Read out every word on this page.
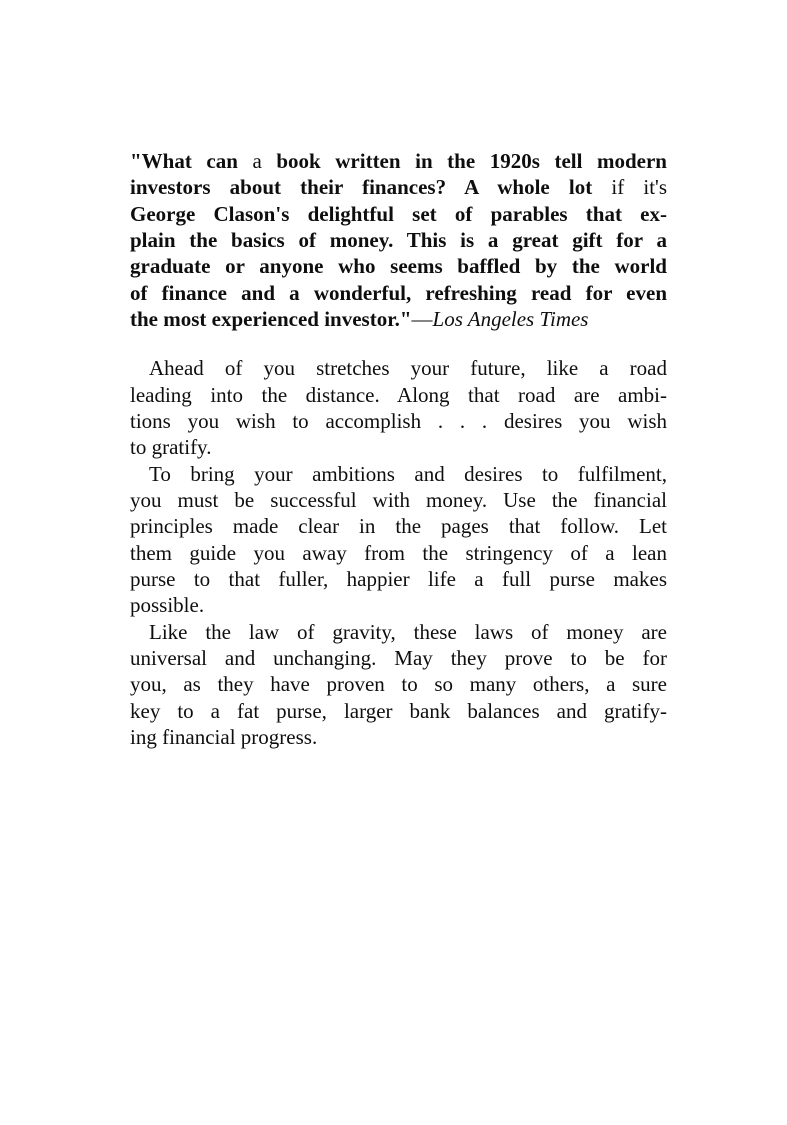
"What can a book written in the 1920s tell modern
investors about their finances? A whole lot if it's
George Clason's delightful set of parables that ex-
plain the basics of money. This is a great gift for a
graduate or anyone who seems baffled by the world
of finance and a wonderful, refreshing read for even
the most experienced investor."—Los Angeles Times
Ahead of you stretches your future, like a road
leading into the distance. Along that road are ambi-
tions you wish to accomplish . . . desires you wish
to gratify.
To bring your ambitions and desires to fulfilment,
you must be successful with money. Use the financial
principles made clear in the pages that follow. Let
them guide you away from the stringency of a lean
purse to that fuller, happier life a full purse makes
possible.
Like the law of gravity, these laws of money are
universal and unchanging. May they prove to be for
you, as they have proven to so many others, a sure
key to a fat purse, larger bank balances and gratify-
ing financial progress.
